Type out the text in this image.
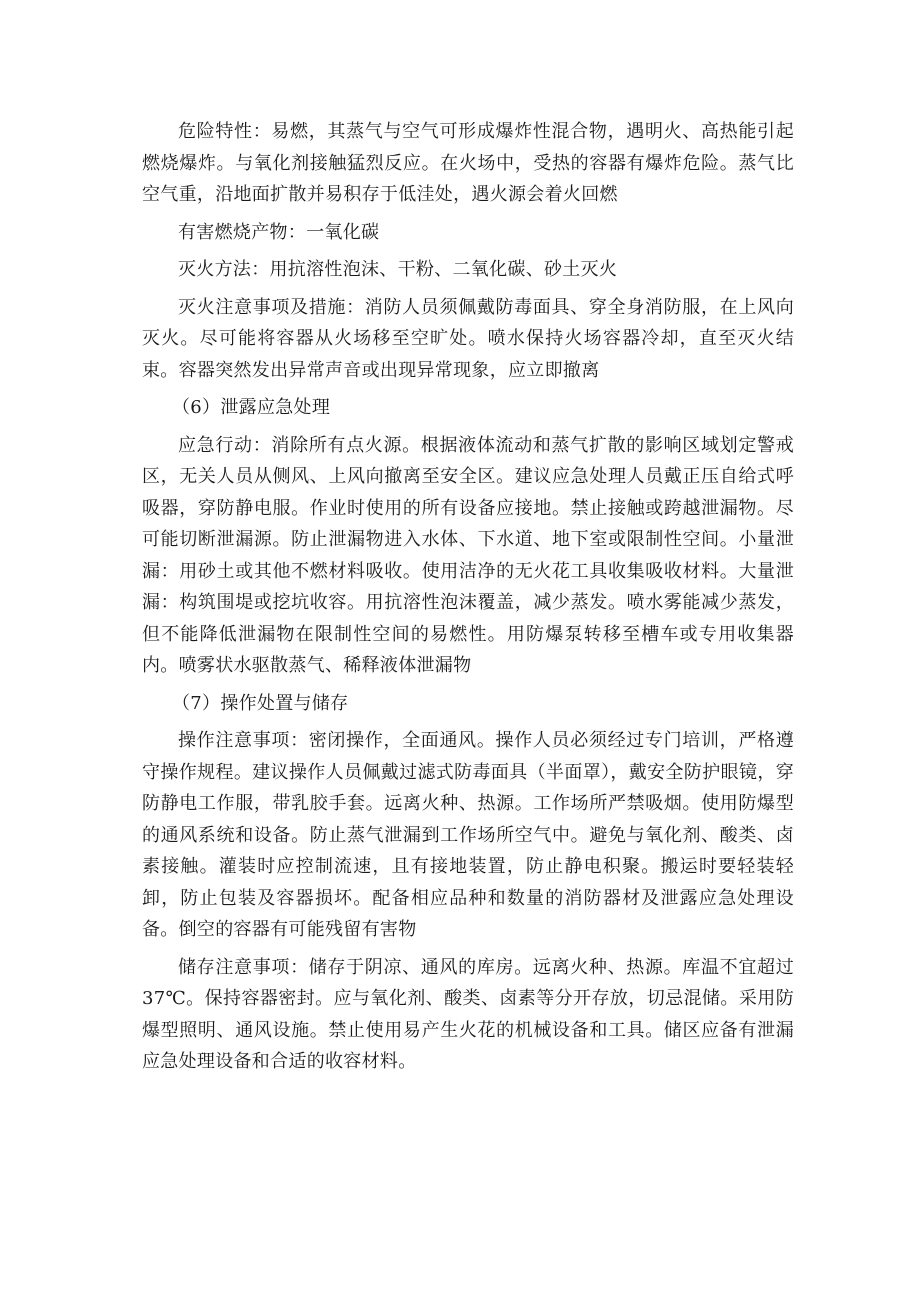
危险特性：易燃，其蒸气与空气可形成爆炸性混合物，遇明火、高热能引起燃烧爆炸。与氧化剂接触猛烈反应。在火场中，受热的容器有爆炸危险。蒸气比空气重，沿地面扩散并易积存于低洼处，遇火源会着火回燃

有害燃烧产物：一氧化碳

灭火方法：用抗溶性泡沫、干粉、二氧化碳、砂土灭火

灭火注意事项及措施：消防人员须佩戴防毒面具、穿全身消防服，在上风向灭火。尽可能将容器从火场移至空旷处。喷水保持火场容器冷却，直至灭火结束。容器突然发出异常声音或出现异常现象，应立即撤离

（6）泄露应急处理

应急行动：消除所有点火源。根据液体流动和蒸气扩散的影响区域划定警戒区，无关人员从侧风、上风向撤离至安全区。建议应急处理人员戴正压自给式呼吸器，穿防静电服。作业时使用的所有设备应接地。禁止接触或跨越泄漏物。尽可能切断泄漏源。防止泄漏物进入水体、下水道、地下室或限制性空间。小量泄漏：用砂土或其他不燃材料吸收。使用洁净的无火花工具收集吸收材料。大量泄漏：构筑围堤或挖坑收容。用抗溶性泡沫覆盖，减少蒸发。喷水雾能减少蒸发，但不能降低泄漏物在限制性空间的易燃性。用防爆泵转移至槽车或专用收集器内。喷雾状水驱散蒸气、稀释液体泄漏物

（7）操作处置与储存

操作注意事项：密闭操作，全面通风。操作人员必须经过专门培训，严格遵守操作规程。建议操作人员佩戴过滤式防毒面具（半面罩），戴安全防护眼镜，穿防静电工作服，带乳胶手套。远离火种、热源。工作场所严禁吸烟。使用防爆型的通风系统和设备。防止蒸气泄漏到工作场所空气中。避免与氧化剂、酸类、卤素接触。灌装时应控制流速，且有接地装置，防止静电积聚。搬运时要轻装轻卸，防止包装及容器损坏。配备相应品种和数量的消防器材及泄露应急处理设备。倒空的容器有可能残留有害物

储存注意事项：储存于阴凉、通风的库房。远离火种、热源。库温不宜超过 37℃。保持容器密封。应与氧化剂、酸类、卤素等分开存放，切忌混储。采用防爆型照明、通风设施。禁止使用易产生火花的机械设备和工具。储区应备有泄漏应急处理设备和合适的收容材料。
